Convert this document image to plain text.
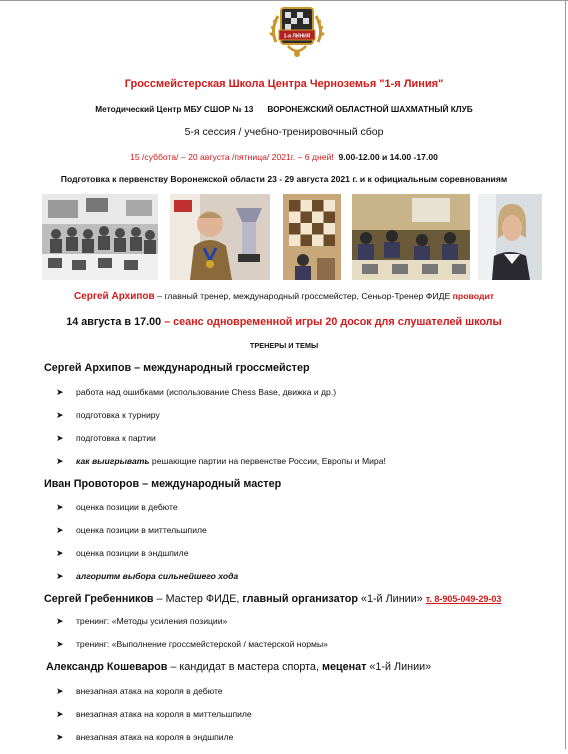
1-я ЛИНИЯ
Гроссмейстерская Школа Центра Черноземья "1-я Линия"
Методический Центр МБУ СШОР № 13 ВОРОНЕЖСКИЙ ОБЛАСТНОЙ ШАХМАТНЫЙ КЛУБ
5-я сессия / учебно-тренировочный сбор
15 /суббота/ – 20 августа /пятница/ 2021г. – 6 дней! 9.00-12.00 и 14.00 -17.00
Подготовка к первенству Воронежской области 23 - 29 августа 2021 г. и к официальным соревнованиям
Сергей Архипов – главный тренер, международный гроссмейстер, Сеньор-Тренер ФИДЕ проводит
14 августа в 17.00 – сеанс одновременной игры 20 досок для слушателей школы
ТРЕНЕРЫ И ТЕМЫ
Сергей Архипов – международный гроссмейстер
➤ работа над ошибками (использование Chess Base, движка и др.)
➤ подготовка к турниру
➤ подготовка к партии
➤ как выигрывать решающие партии на первенстве России, Европы и Мира!
Иван Провоторов – международный мастер
➤ оценка позиции в дебюте
➤ оценка позиции в миттельшпиле
➤ оценка позиции в эндшпиле
➤ алгоритм выбора сильнейшего хода
Сергей Гребенников – Мастер ФИДЕ, главный организатор «1-й Линии» т. 8-905-049-29-03
➤ тренинг: «Методы усиления позиции»
➤ тренинг: «Выполнение гроссмейстерской / мастерской нормы»
Александр Кошеваров – кандидат в мастера спорта, меценат «1-й Линии»
➤ внезапная атака на короля в дебюте
➤ внезапная атака на короля в миттельшпиле
➤ внезапная атака на короля в эндшпиле
